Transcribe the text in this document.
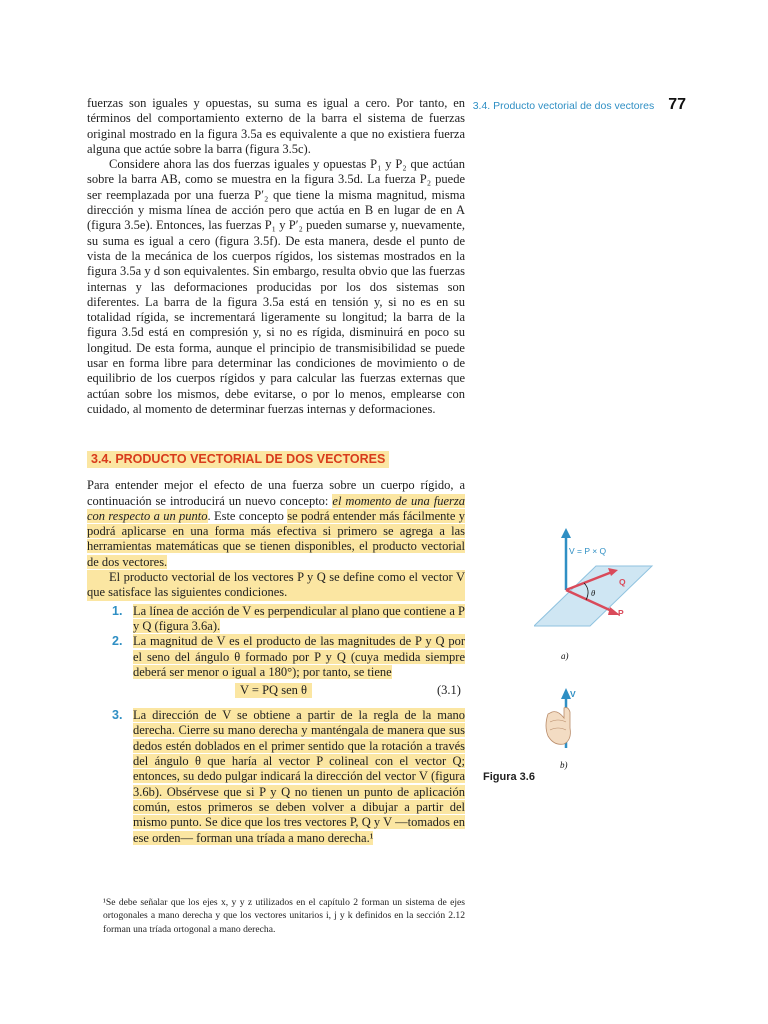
3.4. Producto vectorial de dos vectores 77

fuerzas son iguales y opuestas, su suma es igual a cero. Por tanto, en términos del comportamiento externo de la barra el sistema de fuerzas original mostrado en la figura 3.5a es equivalente a que no existiera fuerza alguna que actúe sobre la barra (figura 3.5c).

Considere ahora las dos fuerzas iguales y opuestas P₁ y P₂ que actúan sobre la barra AB, como se muestra en la figura 3.5d. La fuerza P₂ puede ser reemplazada por una fuerza P′₂ que tiene la misma magnitud, misma dirección y misma línea de acción pero que actúa en B en lugar de en A (figura 3.5e). Entonces, las fuerzas P₁ y P′₂ pueden sumarse y, nuevamente, su suma es igual a cero (figura 3.5f). De esta manera, desde el punto de vista de la mecánica de los cuerpos rígidos, los sistemas mostrados en la figura 3.5a y d son equivalentes. Sin embargo, resulta obvio que las fuerzas internas y las deformaciones producidas por los dos sistemas son diferentes. La barra de la figura 3.5a está en tensión y, si no es en su totalidad rígida, se incrementará ligeramente su longitud; la barra de la figura 3.5d está en compresión y, si no es rígida, disminuirá en poco su longitud. De esta forma, aunque el principio de transmisibilidad se puede usar en forma libre para determinar las condiciones de movimiento o de equilibrio de los cuerpos rígidos y para calcular las fuerzas externas que actúan sobre los mismos, debe evitarse, o por lo menos, emplearse con cuidado, al momento de determinar fuerzas internas y deformaciones.

3.4. PRODUCTO VECTORIAL DE DOS VECTORES

Para entender mejor el efecto de una fuerza sobre un cuerpo rígido, a continuación se introducirá un nuevo concepto: el momento de una fuerza con respecto a un punto. Este concepto se podrá entender más fácilmente y podrá aplicarse en una forma más efectiva si primero se agrega a las herramientas matemáticas que se tienen disponibles, el producto vectorial de dos vectores.

El producto vectorial de los vectores P y Q se define como el vector V que satisface las siguientes condiciones.

1. La línea de acción de V es perpendicular al plano que contiene a P y Q (figura 3.6a).

2. La magnitud de V es el producto de las magnitudes de P y Q por el seno del ángulo θ formado por P y Q (cuya medida siempre deberá ser menor o igual a 180°); por tanto, se tiene

V = PQ sen θ	(3.1)

3. La dirección de V se obtiene a partir de la regla de la mano derecha. Cierre su mano derecha y manténgala de manera que sus dedos estén doblados en el primer sentido que la rotación a través del ángulo θ que haría al vector P colineal con el vector Q; entonces, su dedo pulgar indicará la dirección del vector V (figura 3.6b). Obsérvese que si P y Q no tienen un punto de aplicación común, estos primeros se deben volver a dibujar a partir del mismo punto. Se dice que los tres vectores P, Q y V —tomados en ese orden— forman una tríada a mano derecha.¹

¹Se debe señalar que los ejes x, y y z utilizados en el capítulo 2 forman un sistema de ejes ortogonales a mano derecha y que los vectores unitarios i, j y k definidos en la sección 2.12 forman una tríada ortogonal a mano derecha.
V = P × Q
Q
P
θ
a)
V
b)
Figura 3.6
